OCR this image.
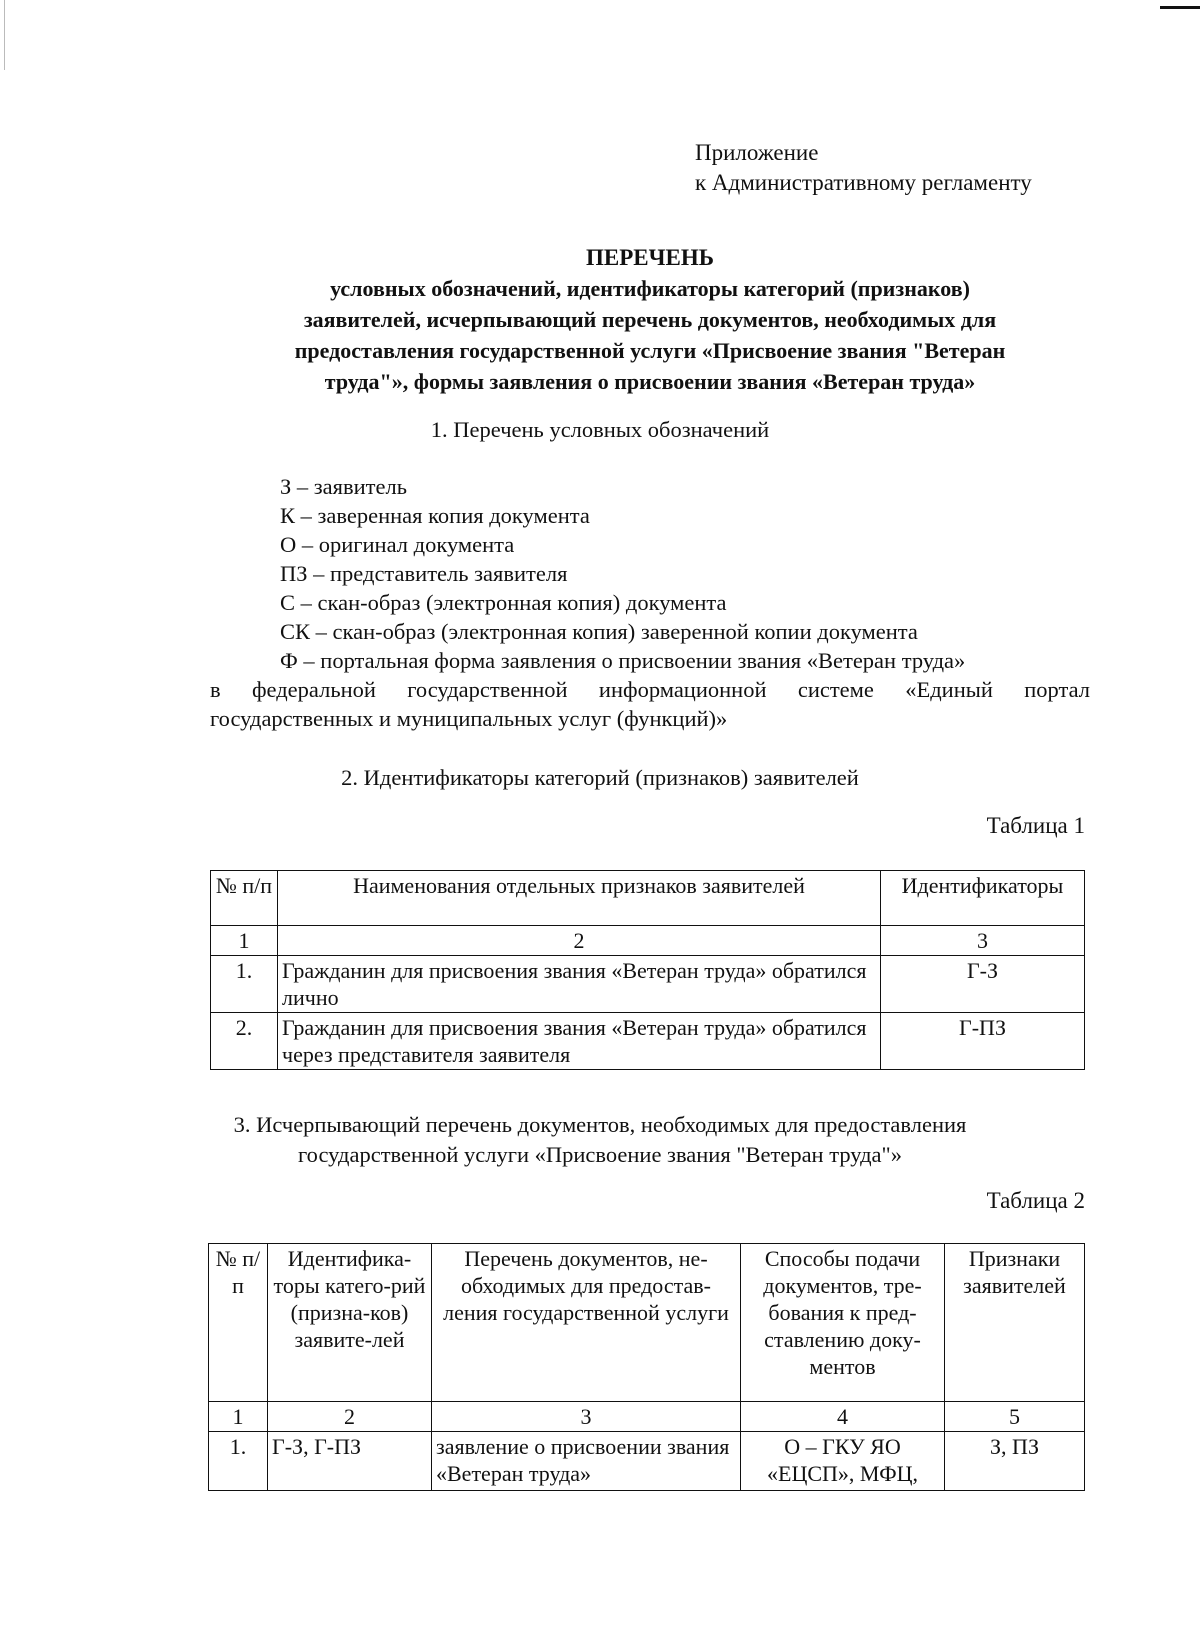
Приложение
к Административному регламенту
ПЕРЕЧЕНЬ
условных обозначений, идентификаторы категорий (признаков)
заявителей, исчерпывающий перечень документов, необходимых для
предоставления государственной услуги «Присвоение звания "Ветеран
труда"», формы заявления о присвоении звания «Ветеран труда»
1. Перечень условных обозначений
З – заявитель
К – заверенная копия документа
О – оригинал документа
ПЗ – представитель заявителя
С – скан-образ (электронная копия) документа
СК – скан-образ (электронная копия) заверенной копии документа
Ф – портальная форма заявления о присвоении звания «Ветеран труда»
в федеральной государственной информационной системе «Единый портал
государственных и муниципальных услуг (функций)»
2. Идентификаторы категорий (признаков) заявителей
Таблица 1
№ п/п	Наименования отдельных признаков заявителей	Идентификаторы
1	2	3
1.	Гражданин для присвоения звания «Ветеран труда» обратился лично	Г-З
2.	Гражданин для присвоения звания «Ветеран труда» обратился через представителя заявителя	Г-ПЗ
3. Исчерпывающий перечень документов, необходимых для предоставления
государственной услуги «Присвоение звания "Ветеран труда"»
Таблица 2
№ п/п	Идентифика-торы катего-рий (призна-ков) заявите-лей	Перечень документов, не-обходимых для предостав-ления государственной услуги	Способы подачи документов, тре-бования к пред-ставлению доку-ментов	Признаки заявителей
1	2	3	4	5
1.	Г-З, Г-ПЗ	заявление о присвоении звания «Ветеран труда»	О – ГКУ ЯО «ЕЦСП», МФЦ,	З, ПЗ
